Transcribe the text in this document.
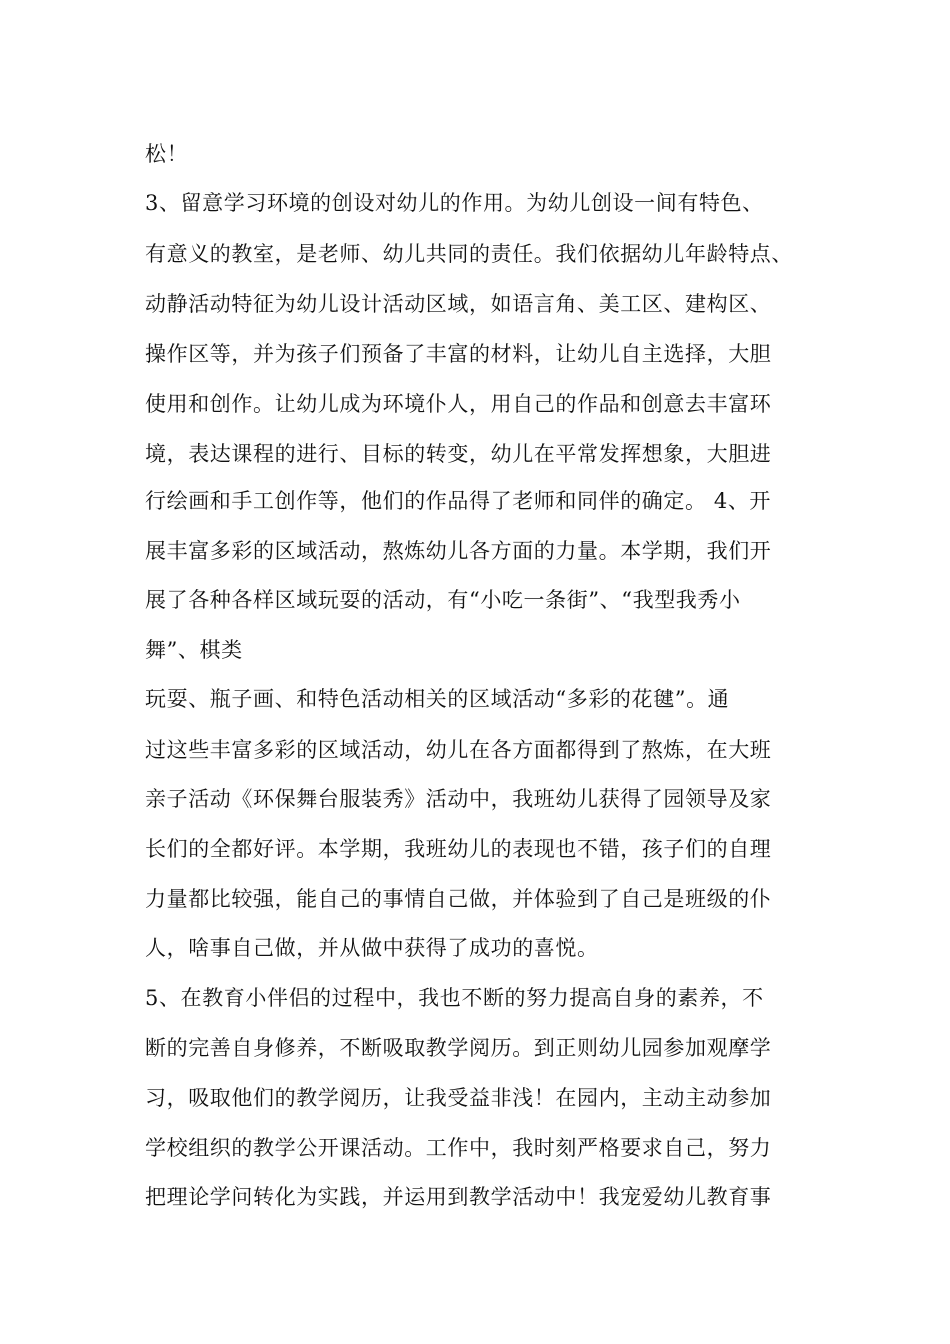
松！
3、留意学习环境的创设对幼儿的作用。为幼儿创设一间有特色、
有意义的教室，是老师、幼儿共同的责任。我们依据幼儿年龄特点、
动静活动特征为幼儿设计活动区域，如语言角、美工区、建构区、
操作区等，并为孩子们预备了丰富的材料，让幼儿自主选择，大胆
使用和创作。让幼儿成为环境仆人，用自己的作品和创意去丰富环
境，表达课程的进行、目标的转变，幼儿在平常发挥想象，大胆进
行绘画和手工创作等，他们的作品得了老师和同伴的确定。 4、开
展丰富多彩的区域活动，熬炼幼儿各方面的力量。本学期，我们开
展了各种各样区域玩耍的活动，有“小吃一条街”、“我型我秀小
舞”、棋类
玩耍、瓶子画、和特色活动相关的区域活动“多彩的花毽”。通
过这些丰富多彩的区域活动，幼儿在各方面都得到了熬炼，在大班
亲子活动《环保舞台服装秀》活动中，我班幼儿获得了园领导及家
长们的全都好评。本学期，我班幼儿的表现也不错，孩子们的自理
力量都比较强，能自己的事情自己做，并体验到了自己是班级的仆
人，啥事自己做，并从做中获得了成功的喜悦。
5、在教育小伴侣的过程中，我也不断的努力提高自身的素养，不
断的完善自身修养，不断吸取教学阅历。到正则幼儿园参加观摩学
习，吸取他们的教学阅历，让我受益非浅！在园内，主动主动参加
学校组织的教学公开课活动。工作中，我时刻严格要求自己，努力
把理论学问转化为实践，并运用到教学活动中！我宠爱幼儿教育事
